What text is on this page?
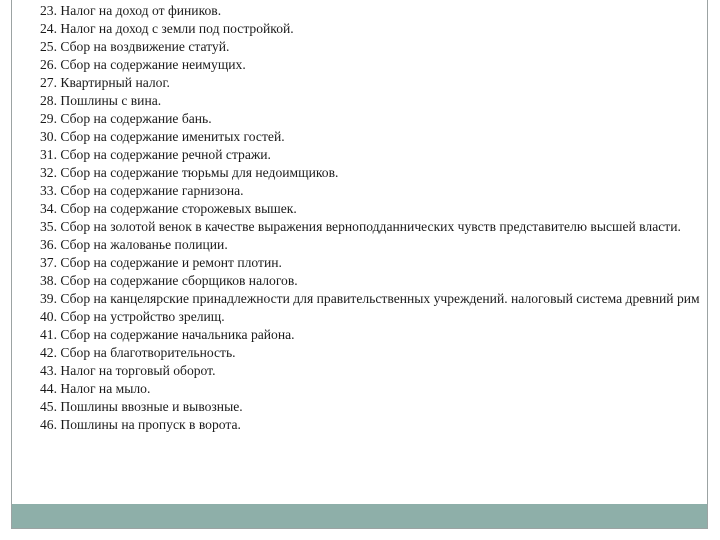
23. Налог на доход от фиников.

24. Налог на доход с земли под постройкой.

25. Сбор на воздвижение статуй.

26. Сбор на содержание неимущих.

27. Квартирный налог.

28. Пошлины с вина.

29. Сбор на содержание бань.

30. Сбор на содержание именитых гостей.

31. Сбор на содержание речной стражи.

32. Сбор на содержание тюрьмы для недоимщиков.

33. Сбор на содержание гарнизона.

34. Сбор на содержание сторожевых вышек.

35. Сбор на золотой венок в качестве выражения верноподданнических чувств представителю высшей власти.

36. Сбор на жалованье полиции.

37. Сбор на содержание и ремонт плотин.

38. Сбор на содержание сборщиков налогов.

39. Сбор на канцелярские принадлежности для правительственных учреждений. налоговый система древний рим

40. Сбор на устройство зрелищ.

41. Сбор на содержание начальника района.

42. Сбор на благотворительность.

43. Налог на торговый оборот.

44. Налог на мыло.

45. Пошлины ввозные и вывозные.

46. Пошлины на пропуск в ворота.
